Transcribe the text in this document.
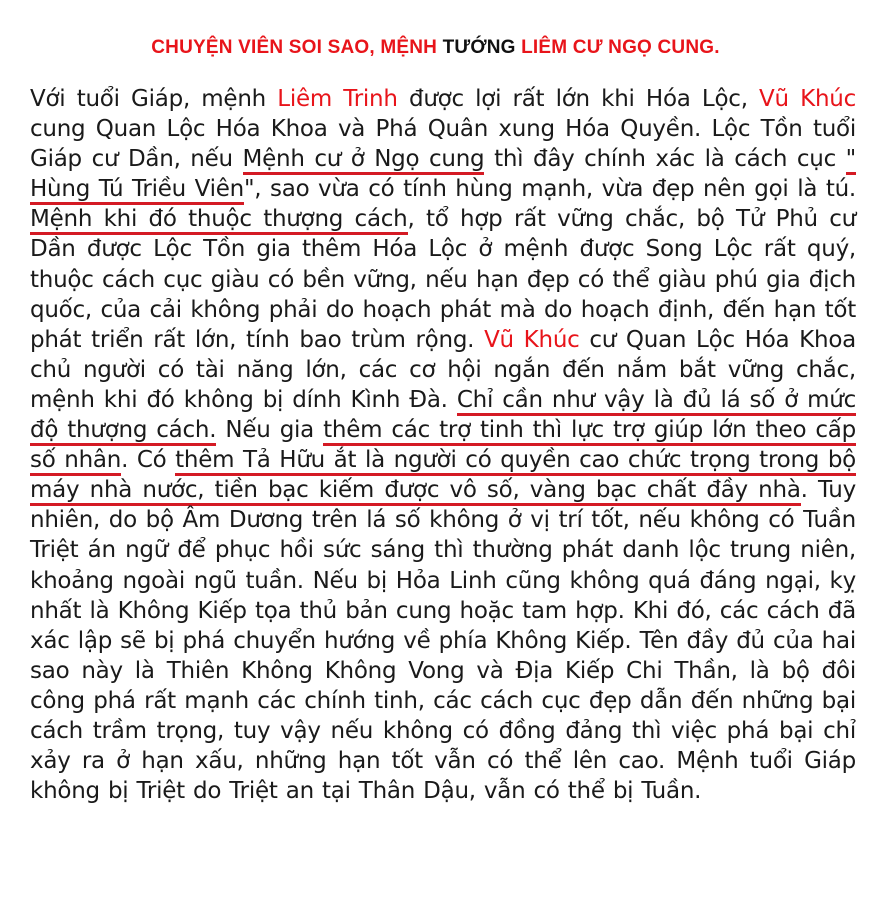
CHUYỆN VIÊN SOI SAO, MỆNH TƯỚNG LIÊM CƯ NGỌ CUNG.
Với tuổi Giáp, mệnh Liêm Trinh được lợi rất lớn khi Hóa Lộc, Vũ Khúc cung Quan Lộc Hóa Khoa và Phá Quân xung Hóa Quyền. Lộc Tồn tuổi Giáp cư Dần, nếu Mệnh cư ở Ngọ cung thì đây chính xác là cách cục " Hùng Tú Triều Viên", sao vừa có tính hùng mạnh, vừa đẹp nên gọi là tú. Mệnh khi đó thuộc thượng cách, tổ hợp rất vững chắc, bộ Tử Phủ cư Dần được Lộc Tồn gia thêm Hóa Lộc ở mệnh được Song Lộc rất quý, thuộc cách cục giàu có bền vững, nếu hạn đẹp có thể giàu phú gia địch quốc, của cải không phải do hoạch phát mà do hoạch định, đến hạn tốt phát triển rất lớn, tính bao trùm rộng. Vũ Khúc cư Quan Lộc Hóa Khoa chủ người có tài năng lớn, các cơ hội ngắn đến nắm bắt vững chắc, mệnh khi đó không bị dính Kình Đà. Chỉ cần như vậy là đủ lá số ở mức độ thượng cách. Nếu gia thêm các trợ tinh thì lực trợ giúp lớn theo cấp số nhân. Có thêm Tả Hữu ắt là người có quyền cao chức trọng trong bộ máy nhà nước, tiền bạc kiếm được vô số, vàng bạc chất đầy nhà. Tuy nhiên, do bộ Âm Dương trên lá số không ở vị trí tốt, nếu không có Tuần Triệt án ngữ để phục hồi sức sáng thì thường phát danh lộc trung niên, khoảng ngoài ngũ tuần. Nếu bị Hỏa Linh cũng không quá đáng ngại, kỵ nhất là Không Kiếp tọa thủ bản cung hoặc tam hợp. Khi đó, các cách đã xác lập sẽ bị phá chuyển hướng về phía Không Kiếp. Tên đầy đủ của hai sao này là Thiên Không Không Vong và Địa Kiếp Chi Thần, là bộ đôi công phá rất mạnh các chính tinh, các cách cục đẹp dẫn đến những bại cách trầm trọng, tuy vậy nếu không có đồng đảng thì việc phá bại chỉ xảy ra ở hạn xấu, những hạn tốt vẫn có thể lên cao. Mệnh tuổi Giáp không bị Triệt do Triệt an tại Thân Dậu, vẫn có thể bị Tuần.
